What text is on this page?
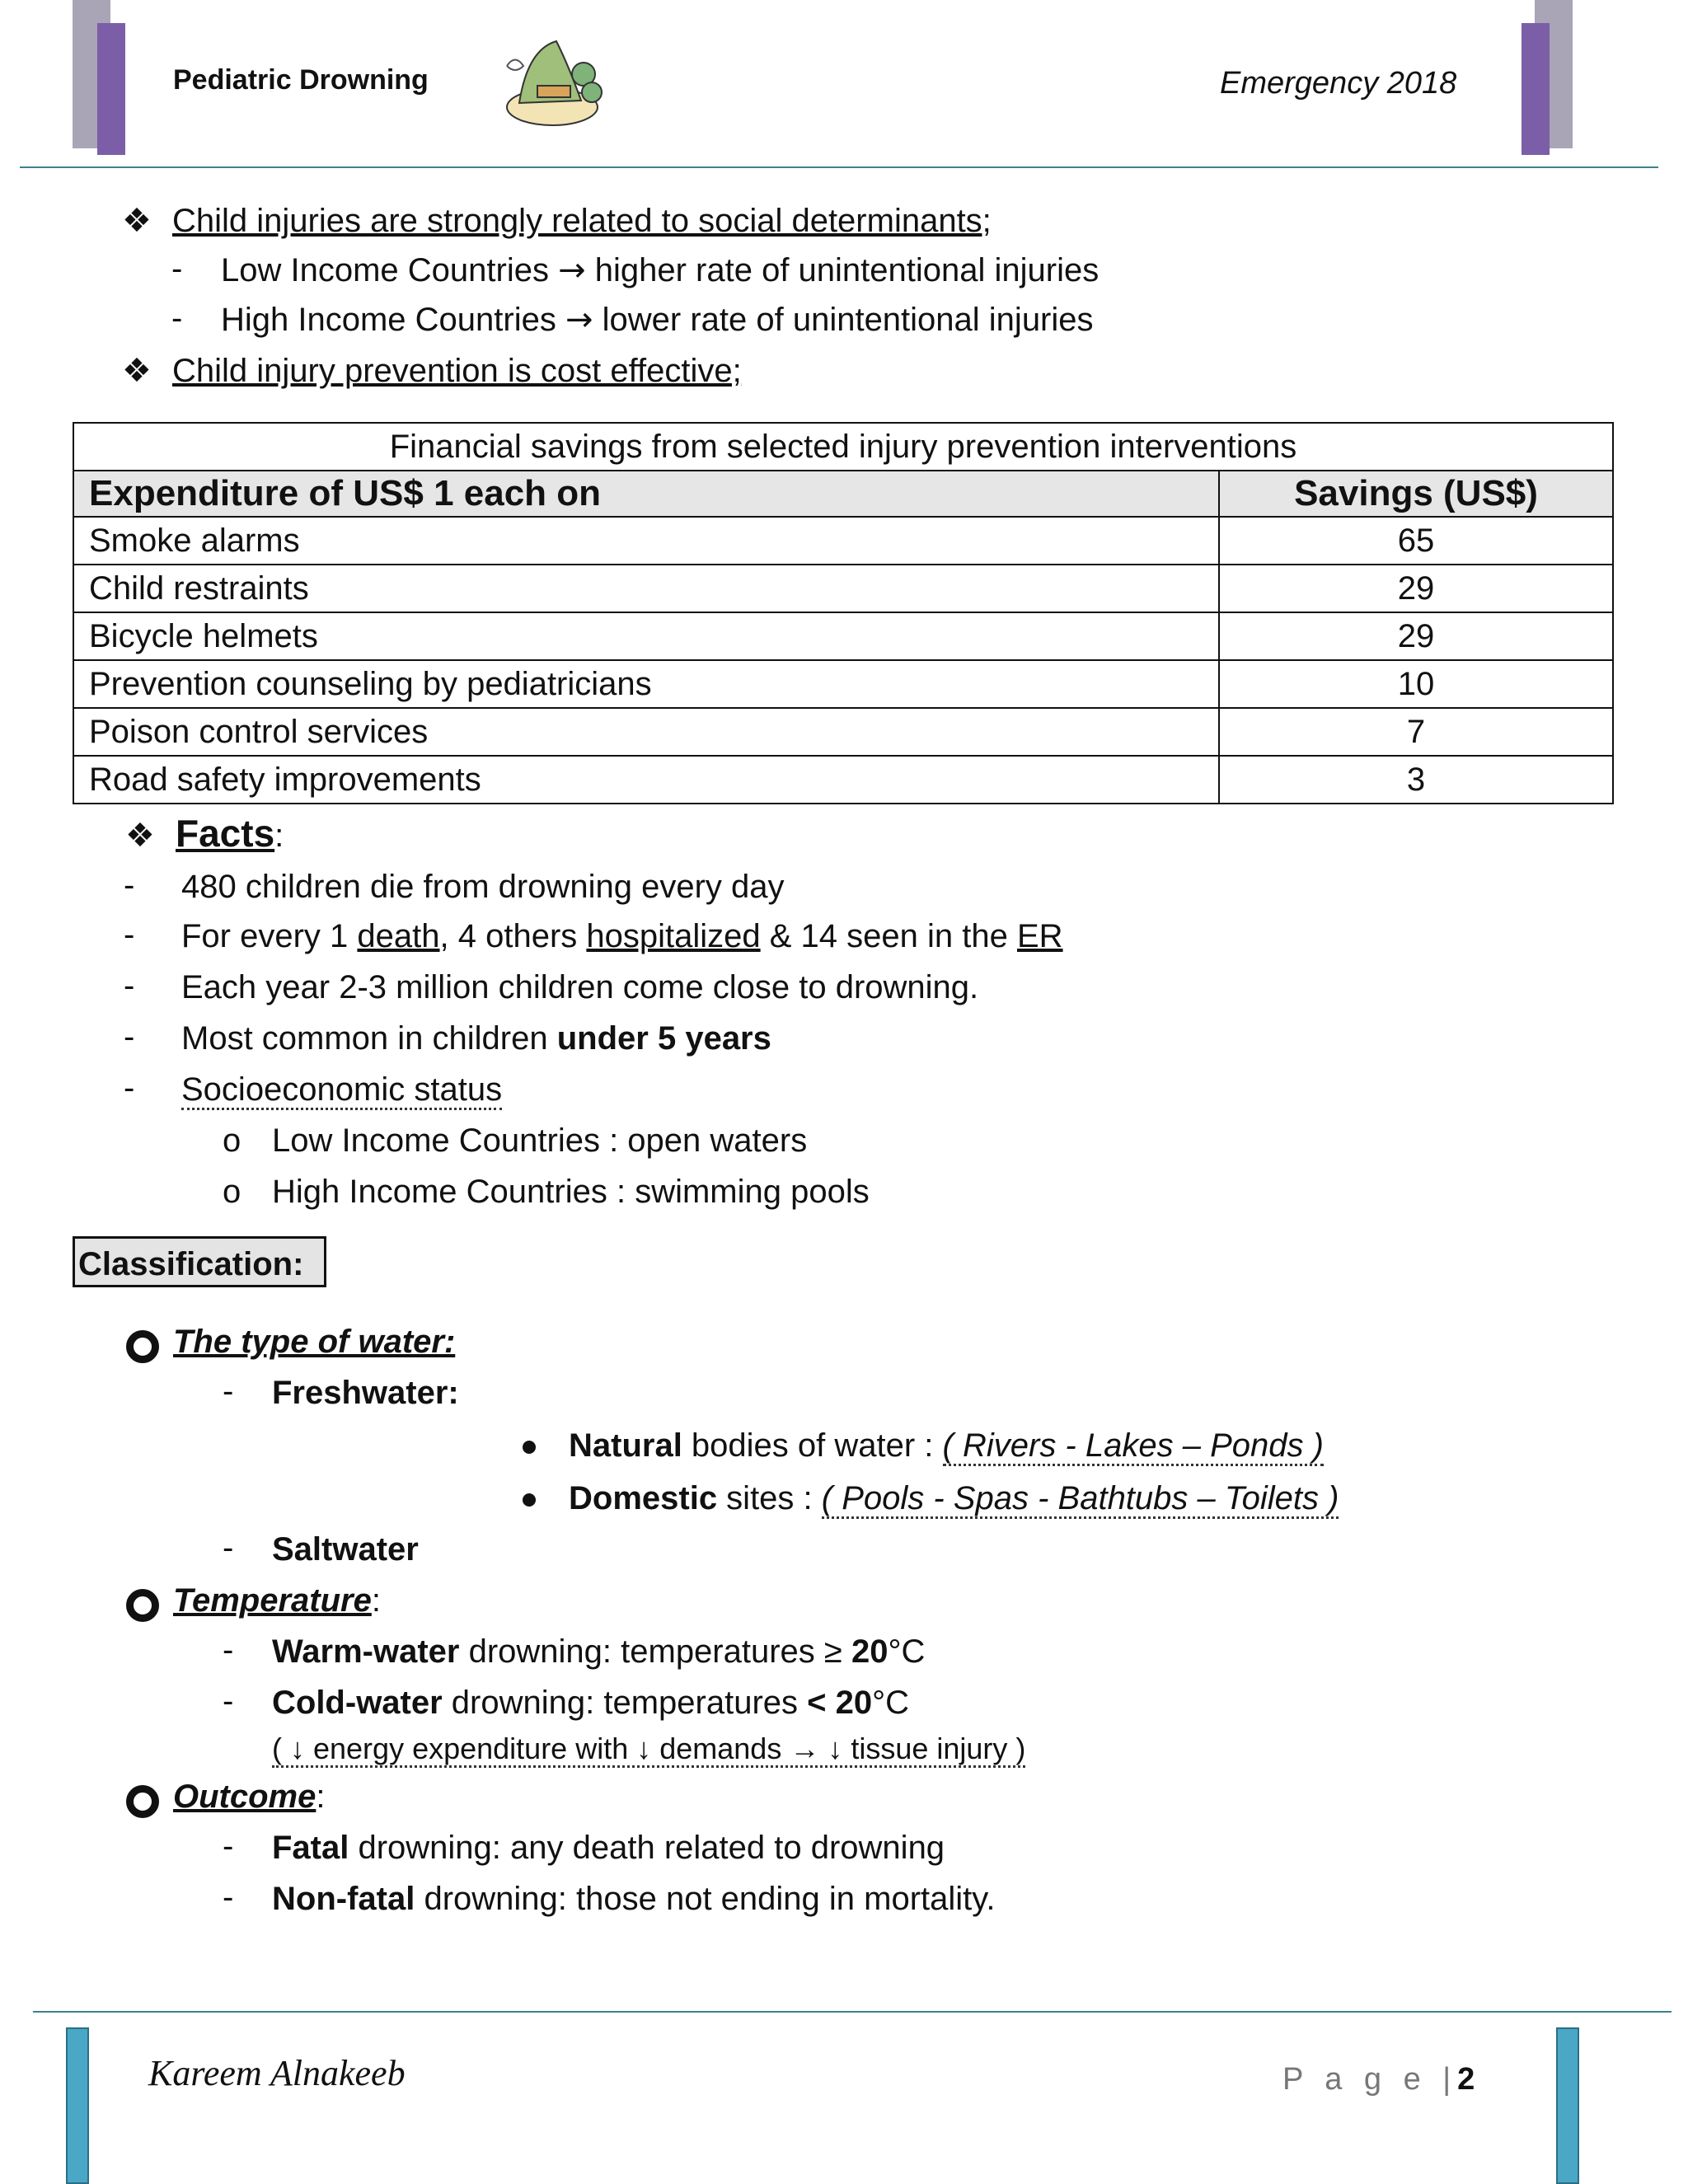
Pediatric Drowning	Emergency 2018
❖ Child injuries are strongly related to social determinants;
- Low Income Countries → higher rate of unintentional injuries
- High Income Countries → lower rate of unintentional injuries
❖ Child injury prevention is cost effective;
Financial savings from selected injury prevention interventions	
Expenditure of US$ 1 each on	Savings (US$)
Smoke alarms	65
Child restraints	29
Bicycle helmets	29
Prevention counseling by pediatricians	10
Poison control services	7
Road safety improvements	3
❖ Facts:
- 480 children die from drowning every day
- For every 1 death, 4 others hospitalized & 14 seen in the ER
- Each year 2-3 million children come close to drowning.
- Most common in children under 5 years
- Socioeconomic status
o Low Income Countries : open waters
o High Income Countries : swimming pools
Classification:
The type of water:
- Freshwater:
Natural bodies of water : ( Rivers - Lakes – Ponds )
Domestic sites : ( Pools - Spas - Bathtubs – Toilets )
- Saltwater
Temperature:
- Warm-water drowning: temperatures ≥ 20°C
- Cold-water drowning: temperatures < 20°C
( ↓ energy expenditure with ↓ demands → ↓ tissue injury )
Outcome:
- Fatal drowning: any death related to drowning
- Non-fatal drowning: those not ending in mortality.
Kareem Alnakeeb	P a g e |2
